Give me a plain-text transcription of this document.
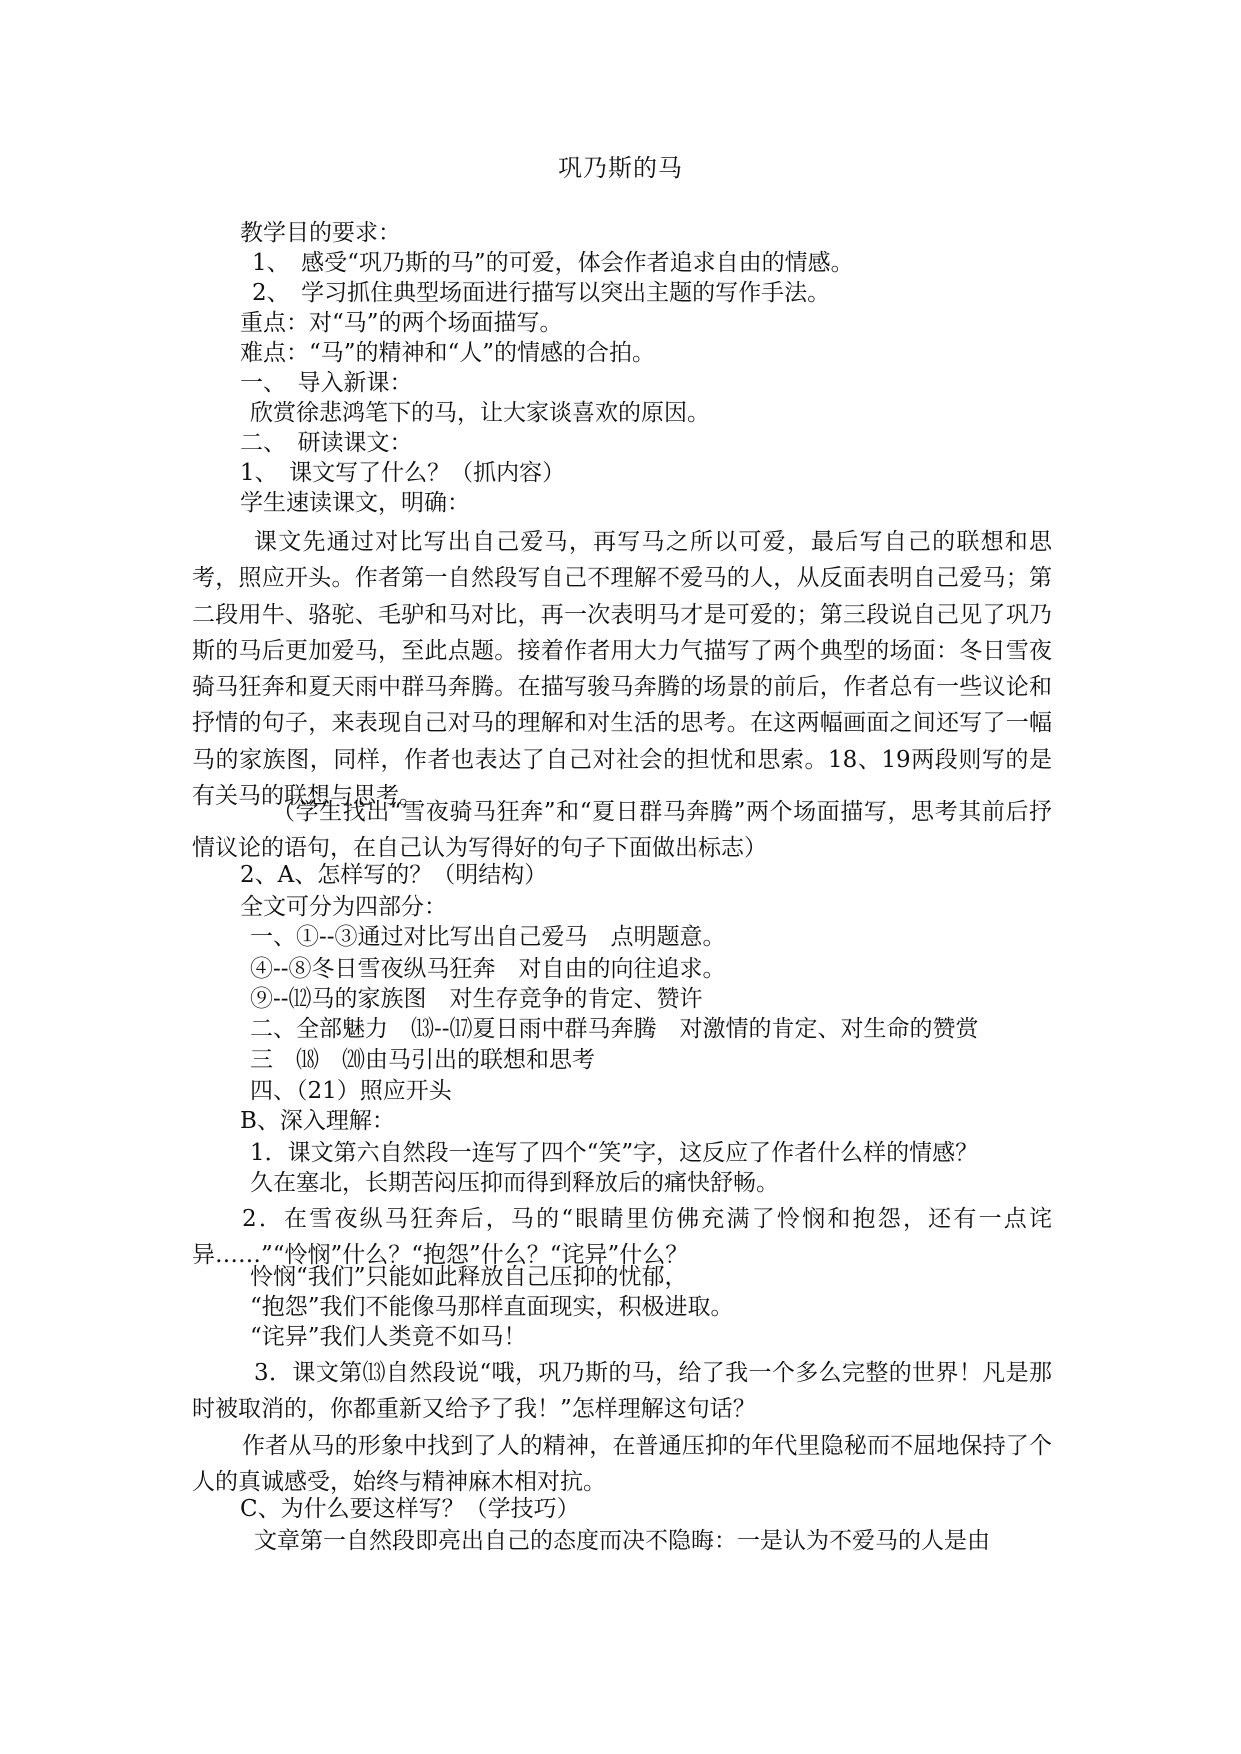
巩乃斯的马
教学目的要求：
1、　感受“巩乃斯的马”的可爱，体会作者追求自由的情感。
2、　学习抓住典型场面进行描写以突出主题的写作手法。
重点：对“马”的两个场面描写。
难点：“马”的精神和“人”的情感的合拍。
一、　导入新课：
欣赏徐悲鸿笔下的马，让大家谈喜欢的原因。
二、　研读课文：
1、　课文写了什么？（抓内容）
学生速读课文，明确：
课文先通过对比写出自己爱马，再写马之所以可爱，最后写自己的联想和思考，照应开头。作者第一自然段写自己不理解不爱马的人，从反面表明自己爱马；第二段用牛、骆驼、毛驴和马对比，再一次表明马才是可爱的；第三段说自己见了巩乃斯的马后更加爱马，至此点题。接着作者用大力气描写了两个典型的场面：冬日雪夜骑马狂奔和夏天雨中群马奔腾。在描写骏马奔腾的场景的前后，作者总有一些议论和抒情的句子，来表现自己对马的理解和对生活的思考。在这两幅画面之间还写了一幅马的家族图，同样，作者也表达了自己对社会的担忧和思索。18、19两段则写的是有关马的联想与思考。
（学生找出“雪夜骑马狂奔”和“夏日群马奔腾”两个场面描写，思考其前后抒情议论的语句，在自己认为写得好的句子下面做出标志）
2、A、怎样写的？（明结构）
全文可分为四部分：
一、①--③通过对比写出自己爱马　点明题意。
④--⑧冬日雪夜纵马狂奔　对自由的向往追求。
⑨--⑿马的家族图　对生存竞争的肯定、赞许
二、全部魅力　⒀--⒄夏日雨中群马奔腾　对激情的肯定、对生命的赞赏
三　⒅　⒇由马引出的联想和思考
四、（21）照应开头
B、深入理解：
1．课文第六自然段一连写了四个“笑”字，这反应了作者什么样的情感？
久在塞北，长期苦闷压抑而得到释放后的痛快舒畅。
2．在雪夜纵马狂奔后，马的“眼睛里仿佛充满了怜悯和抱怨，还有一点诧异……”“怜悯”什么？“抱怨”什么？“诧异”什么？
怜悯“我们”只能如此释放自己压抑的忧郁，
“抱怨”我们不能像马那样直面现实，积极进取。
“诧异”我们人类竟不如马！
3．课文第⒀自然段说“哦，巩乃斯的马，给了我一个多么完整的世界！凡是那时被取消的，你都重新又给予了我！”怎样理解这句话？
作者从马的形象中找到了人的精神，在普通压抑的年代里隐秘而不屈地保持了个人的真诚感受，始终与精神麻木相对抗。
C、为什么要这样写？（学技巧）
文章第一自然段即亮出自己的态度而决不隐晦：一是认为不爱马的人是由
